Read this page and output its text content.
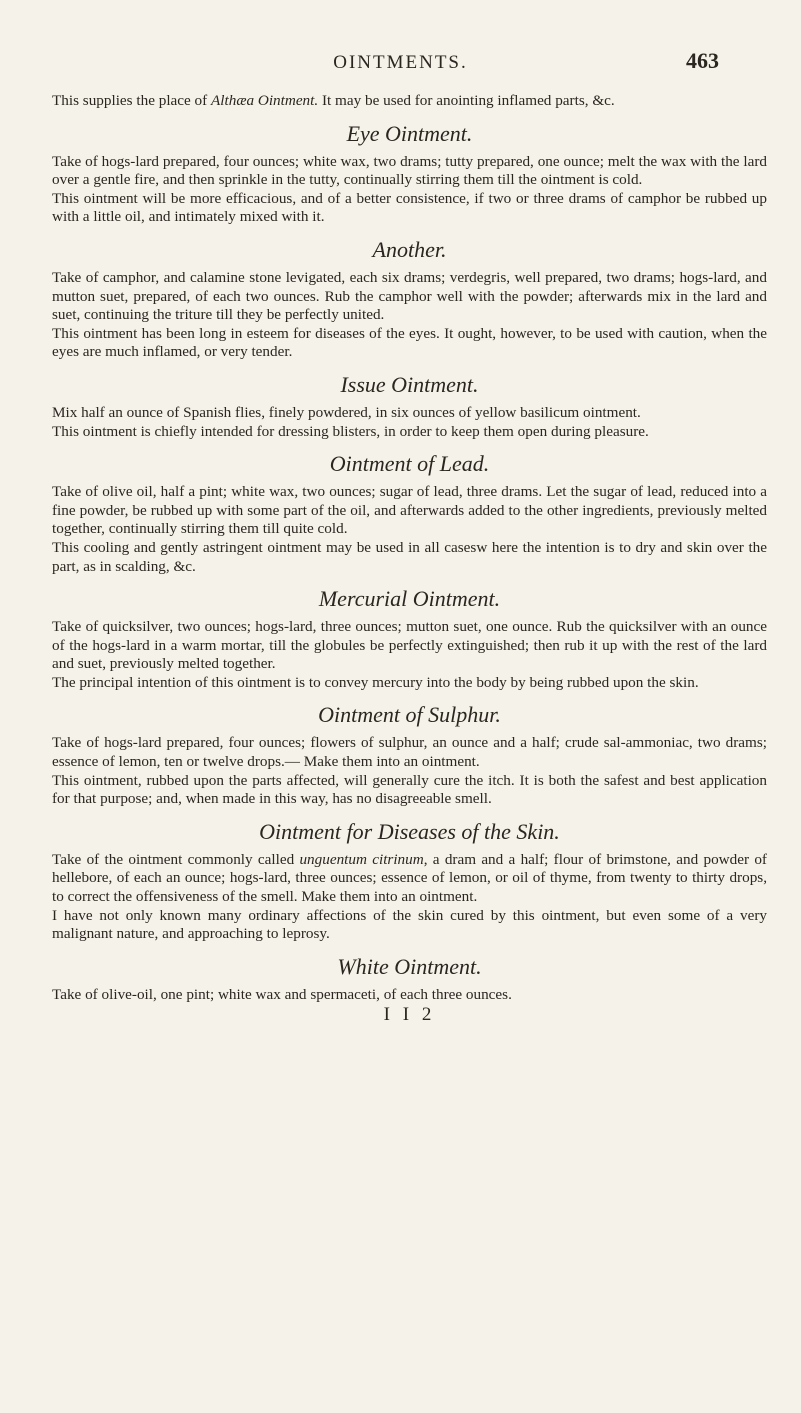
OINTMENTS.	463

This supplies the place of Althæa Ointment. It may be used for anointing inflamed parts, &c.

Eye Ointment.

Take of hogs-lard prepared, four ounces; white wax, two drams; tutty prepared, one ounce; melt the wax with the lard over a gentle fire, and then sprinkle in the tutty, continually stirring them till the ointment is cold.

This ointment will be more efficacious, and of a better consistence, if two or three drams of camphor be rubbed up with a little oil, and intimately mixed with it.

Another.

Take of camphor, and calamine stone levigated, each six drams; verdegris, well prepared, two drams; hogs-lard, and mutton suet, prepared, of each two ounces. Rub the camphor well with the powder; afterwards mix in the lard and suet, continuing the triture till they be perfectly united.

This ointment has been long in esteem for diseases of the eyes. It ought, however, to be used with caution, when the eyes are much inflamed, or very tender.

Issue Ointment.

Mix half an ounce of Spanish flies, finely powdered, in six ounces of yellow basilicum ointment.

This ointment is chiefly intended for dressing blisters, in order to keep them open during pleasure.

Ointment of Lead.

Take of olive oil, half a pint; white wax, two ounces; sugar of lead, three drams. Let the sugar of lead, reduced into a fine powder, be rubbed up with some part of the oil, and afterwards added to the other ingredients, previously melted together, continually stirring them till quite cold.

This cooling and gently astringent ointment may be used in all casesw here the intention is to dry and skin over the part, as in scalding, &c.

Mercurial Ointment.

Take of quicksilver, two ounces; hogs-lard, three ounces; mutton suet, one ounce. Rub the quicksilver with an ounce of the hogs-lard in a warm mortar, till the globules be perfectly extinguished; then rub it up with the rest of the lard and suet, previously melted together.

The principal intention of this ointment is to convey mercury into the body by being rubbed upon the skin.

Ointment of Sulphur.

Take of hogs-lard prepared, four ounces; flowers of sulphur, an ounce and a half; crude sal-ammoniac, two drams; essence of lemon, ten or twelve drops.— Make them into an ointment.

This ointment, rubbed upon the parts affected, will generally cure the itch. It is both the safest and best application for that purpose; and, when made in this way, has no disagreeable smell.

Ointment for Diseases of the Skin.

Take of the ointment commonly called unguentum citrinum, a dram and a half; flour of brimstone, and powder of hellebore, of each an ounce; hogs-lard, three ounces; essence of lemon, or oil of thyme, from twenty to thirty drops, to correct the offensiveness of the smell. Make them into an ointment.

I have not only known many ordinary affections of the skin cured by this ointment, but even some of a very malignant nature, and approaching to leprosy.

White Ointment.

Take of olive-oil, one pint; white wax and spermaceti, of each three ounces.

I I 2
